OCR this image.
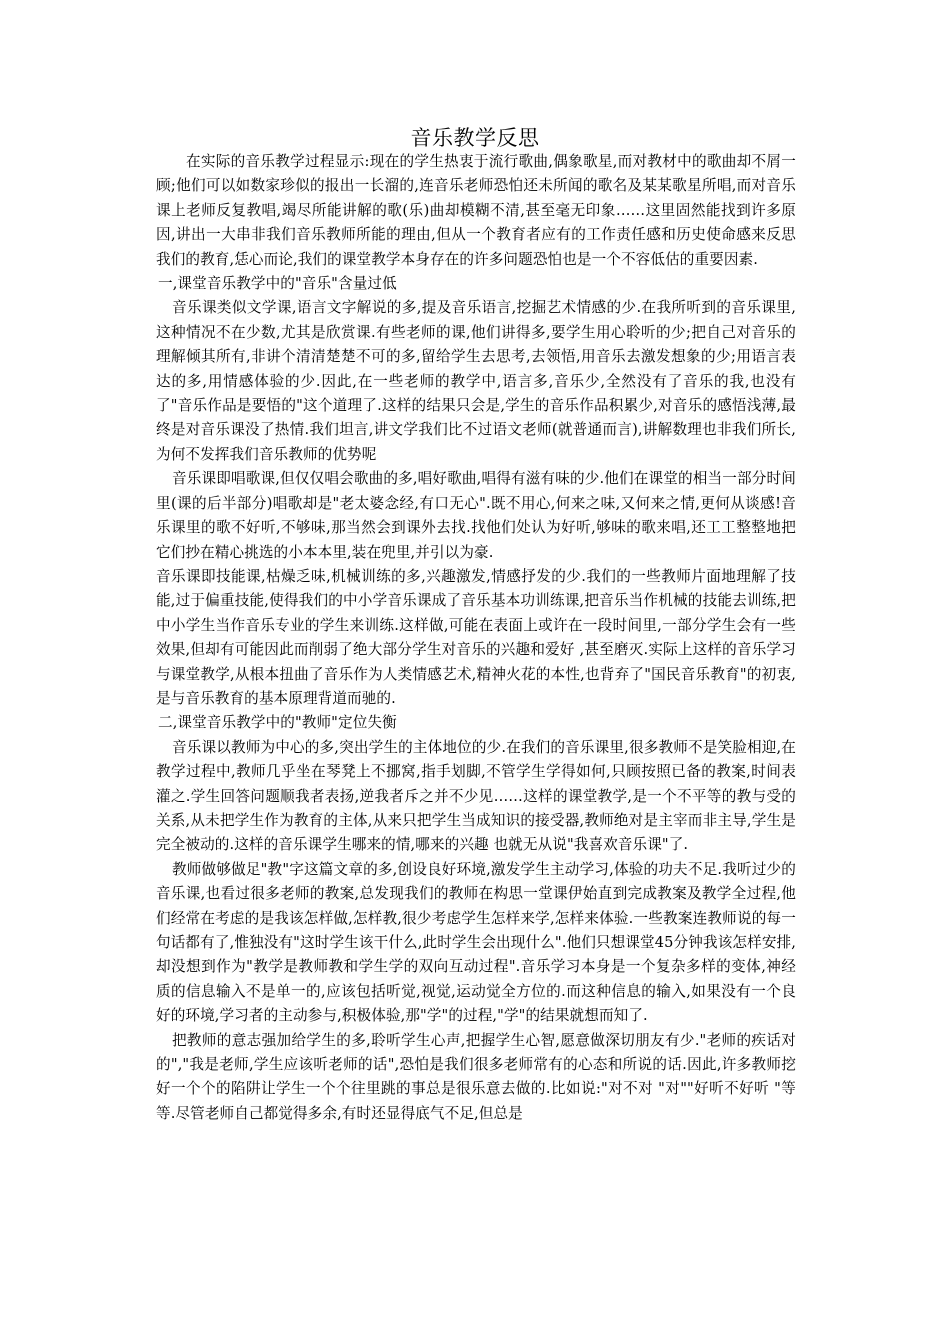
音乐教学反思

在实际的音乐教学过程显示:现在的学生热衷于流行歌曲,偶象歌星,而对教材中的歌曲却不屑一顾;他们可以如数家珍似的报出一长溜的,连音乐老师恐怕还未所闻的歌名及某某歌星所唱,而对音乐课上老师反复教唱,竭尽所能讲解的歌(乐)曲却模糊不清,甚至毫无印象……这里固然能找到许多原因,讲出一大串非我们音乐教师所能的理由,但从一个教育者应有的工作责任感和历史使命感来反思我们的教育,恁心而论,我们的课堂教学本身存在的许多问题恐怕也是一个不容低估的重要因素.

一,课堂音乐教学中的"音乐"含量过低

音乐课类似文学课,语言文字解说的多,提及音乐语言,挖掘艺术情感的少.在我所听到的音乐课里,这种情况不在少数,尤其是欣赏课.有些老师的课,他们讲得多,要学生用心聆听的少;把自己对音乐的理解倾其所有,非讲个清清楚楚不可的多,留给学生去思考,去领悟,用音乐去激发想象的少;用语言表达的多,用情感体验的少.因此,在一些老师的教学中,语言多,音乐少,全然没有了音乐的我,也没有了"音乐作品是要悟的"这个道理了.这样的结果只会是,学生的音乐作品积累少,对音乐的感悟浅薄,最终是对音乐课没了热情.我们坦言,讲文学我们比不过语文老师(就普通而言),讲解数理也非我们所长,为何不发挥我们音乐教师的优势呢

音乐课即唱歌课,但仅仅唱会歌曲的多,唱好歌曲,唱得有滋有味的少.他们在课堂的相当一部分时间里(课的后半部分)唱歌却是"老太婆念经,有口无心".既不用心,何来之味,又何来之情,更何从谈感!音乐课里的歌不好听,不够味,那当然会到课外去找.找他们处认为好听,够味的歌来唱,还工工整整地把它们抄在精心挑选的小本本里,装在兜里,并引以为豪.

音乐课即技能课,枯燥乏味,机械训练的多,兴趣激发,情感抒发的少.我们的一些教师片面地理解了技能,过于偏重技能,使得我们的中小学音乐课成了音乐基本功训练课,把音乐当作机械的技能去训练,把中小学生当作音乐专业的学生来训练.这样做,可能在表面上或许在一段时间里,一部分学生会有一些效果,但却有可能因此而削弱了绝大部分学生对音乐的兴趣和爱好 ,甚至磨灭.实际上这样的音乐学习与课堂教学,从根本扭曲了音乐作为人类情感艺术,精神火花的本性,也背弃了"国民音乐教育"的初衷,是与音乐教育的基本原理背道而驰的.

二,课堂音乐教学中的"教师"定位失衡

音乐课以教师为中心的多,突出学生的主体地位的少.在我们的音乐课里,很多教师不是笑脸相迎,在教学过程中,教师几乎坐在琴凳上不挪窝,指手划脚,不管学生学得如何,只顾按照已备的教案,时间表灌之.学生回答问题顺我者表扬,逆我者斥之并不少见……这样的课堂教学,是一个不平等的教与受的关系,从未把学生作为教育的主体,从来只把学生当成知识的接受器,教师绝对是主宰而非主导,学生是完全被动的.这样的音乐课学生哪来的情,哪来的兴趣 也就无从说"我喜欢音乐课"了.

教师做够做足"教"字这篇文章的多,创设良好环境,激发学生主动学习,体验的功夫不足.我听过少的音乐课,也看过很多老师的教案,总发现我们的教师在构思一堂课伊始直到完成教案及教学全过程,他们经常在考虑的是我该怎样做,怎样教,很少考虑学生怎样来学,怎样来体验.一些教案连教师说的每一句话都有了,惟独没有"这时学生该干什么,此时学生会出现什么".他们只想课堂45分钟我该怎样安排,却没想到作为"教学是教师教和学生学的双向互动过程".音乐学习本身是一个复杂多样的变体,神经质的信息输入不是单一的,应该包括听觉,视觉,运动觉全方位的.而这种信息的输入,如果没有一个良好的环境,学习者的主动参与,积极体验,那"学"的过程,"学"的结果就想而知了.

把教师的意志强加给学生的多,聆听学生心声,把握学生心智,愿意做深切朋友有少."老师的疾话对的","我是老师,学生应该听老师的话",恐怕是我们很多老师常有的心态和所说的话.因此,许多教师挖好一个个的陷阱让学生一个个往里跳的事总是很乐意去做的.比如说:"对不对 "对""好听不好听 "等等.尽管老师自己都觉得多余,有时还显得底气不足,但总是
